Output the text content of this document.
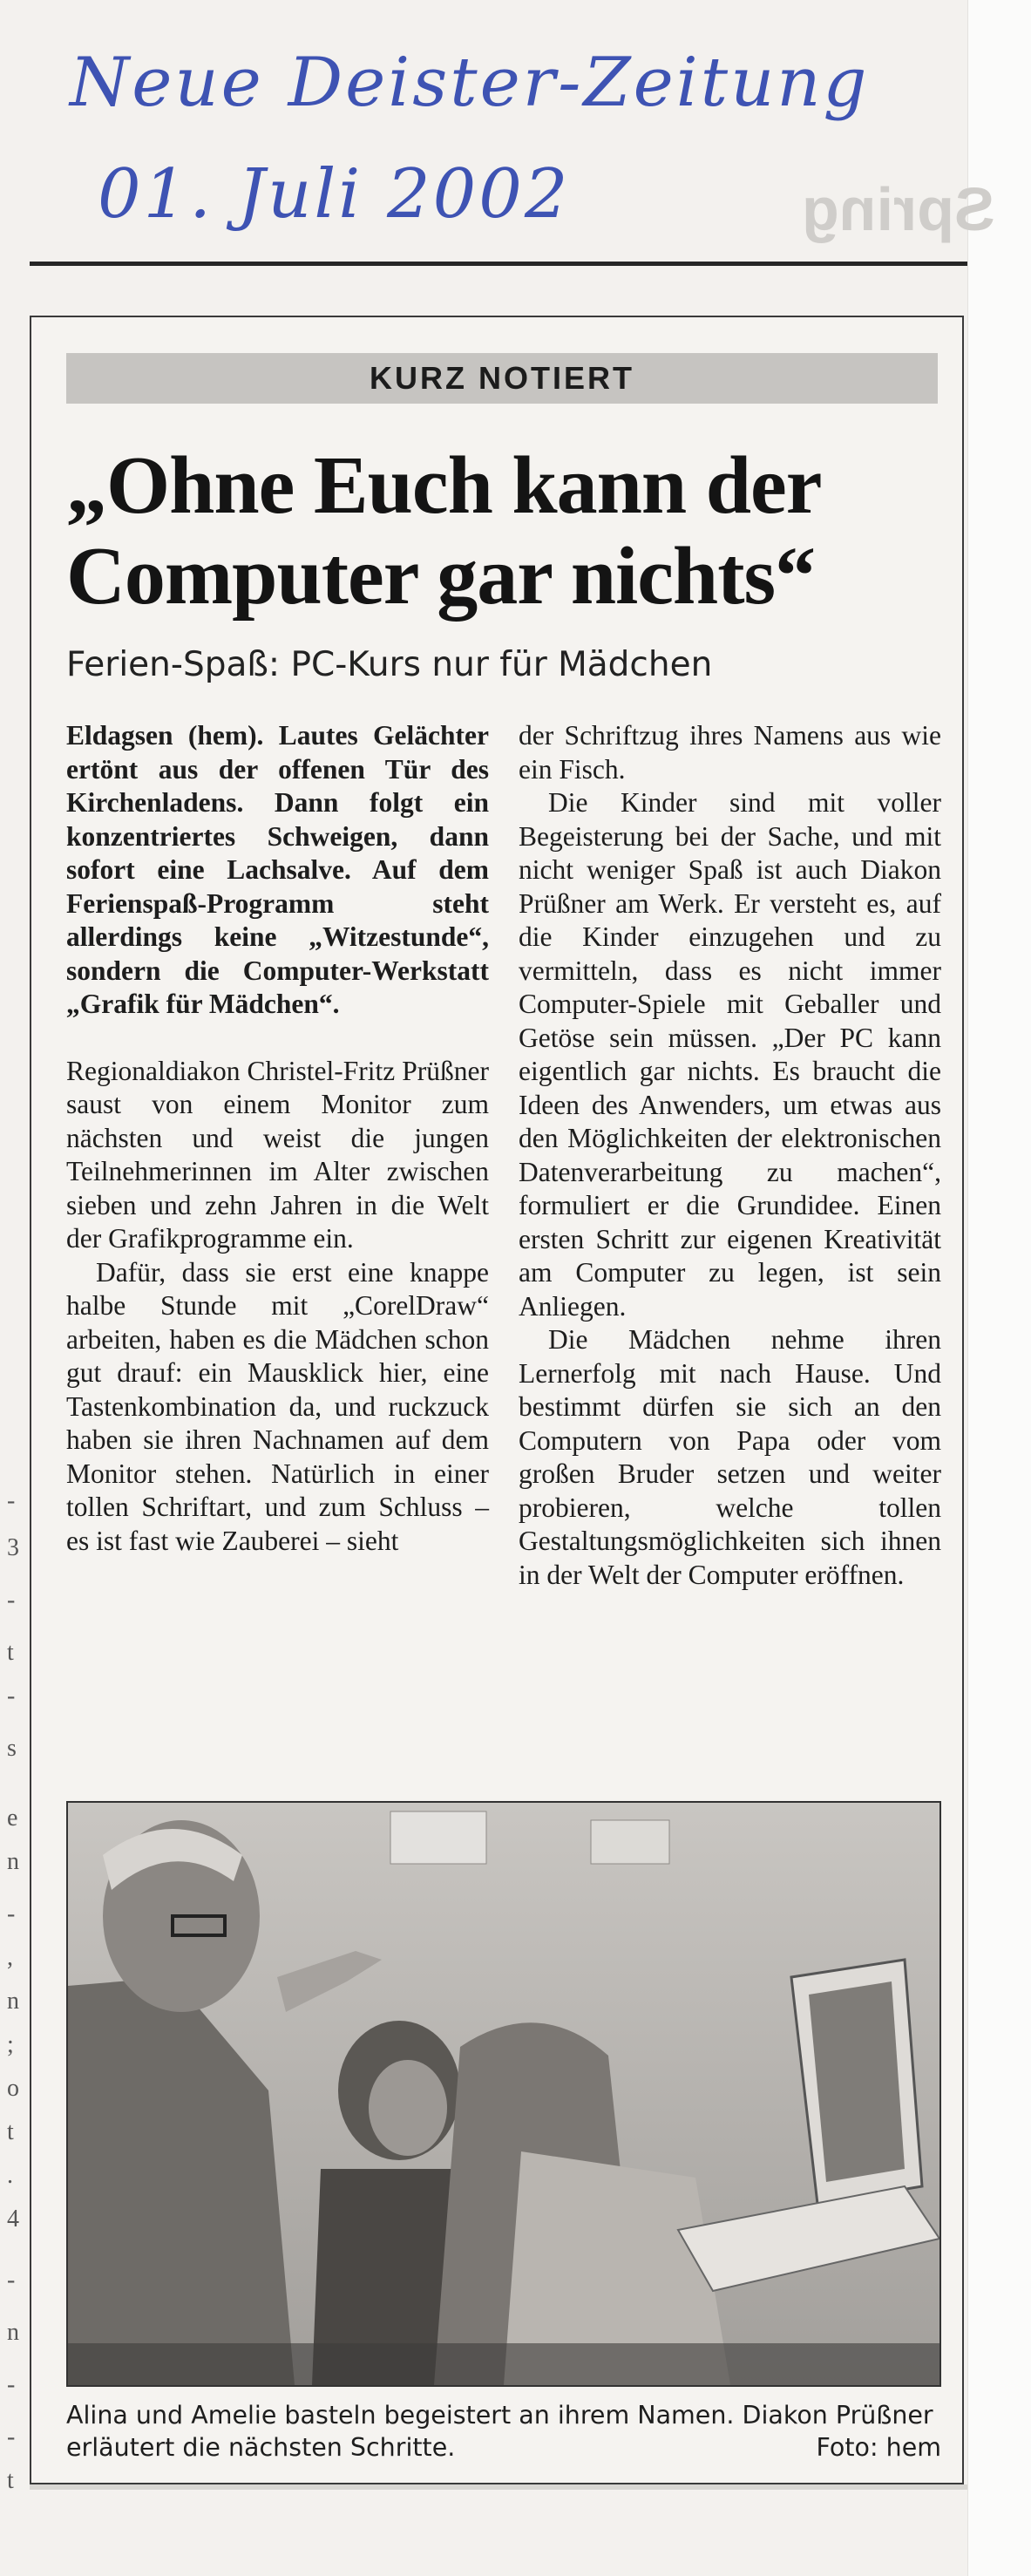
Spring
Neue Deister-Zeitung
01. Juli 2002
-
3
-
t
-
s
e
n
-
,
n
;
o
t
.
4
-
n
-
-
t
KURZ NOTIERT
„Ohne Euch kann der
Computer gar nichts“
Ferien-Spaß: PC-Kurs nur für Mädchen

Eldagsen (hem). Lautes Gelächter ertönt aus der offenen Tür des Kirchenladens. Dann folgt ein konzentriertes Schweigen, dann sofort eine Lachsalve. Auf dem Ferienspaß-Programm steht allerdings keine „Witzestunde“, sondern die Computer-Werkstatt „Grafik für Mädchen“.

Regionaldiakon Christel-Fritz Prüßner saust von einem Monitor zum nächsten und weist die jungen Teilnehmerinnen im Alter zwischen sieben und zehn Jahren in die Welt der Grafikprogramme ein.

Dafür, dass sie erst eine knappe halbe Stunde mit „CorelDraw“ arbeiten, haben es die Mädchen schon gut drauf: ein Mausklick hier, eine Tastenkombination da, und ruckzuck haben sie ihren Nachnamen auf dem Monitor stehen. Natürlich in einer tollen Schriftart, und zum Schluss – es ist fast wie Zauberei – sieht

der Schriftzug ihres Namens aus wie ein Fisch.

Die Kinder sind mit voller Begeisterung bei der Sache, und mit nicht weniger Spaß ist auch Diakon Prüßner am Werk. Er versteht es, auf die Kinder einzugehen und zu vermitteln, dass es nicht immer Computer-Spiele mit Geballer und Getöse sein müssen. „Der PC kann eigentlich gar nichts. Es braucht die Ideen des Anwenders, um etwas aus den Möglichkeiten der elektronischen Datenverarbeitung zu machen“, formuliert er die Grundidee. Einen ersten Schritt zur eigenen Kreativität am Computer zu legen, ist sein Anliegen.

Die Mädchen nehme ihren Lernerfolg mit nach Hause. Und bestimmt dürfen sie sich an den Computern von Papa oder vom großen Bruder setzen und weiter probieren, welche tollen Gestaltungsmöglichkeiten sich ihnen in der Welt der Computer eröffnen.

Alina und Amelie basteln begeistert an ihrem Namen. Diakon Prüßner erläutert die nächsten Schritte.	Foto: hem
